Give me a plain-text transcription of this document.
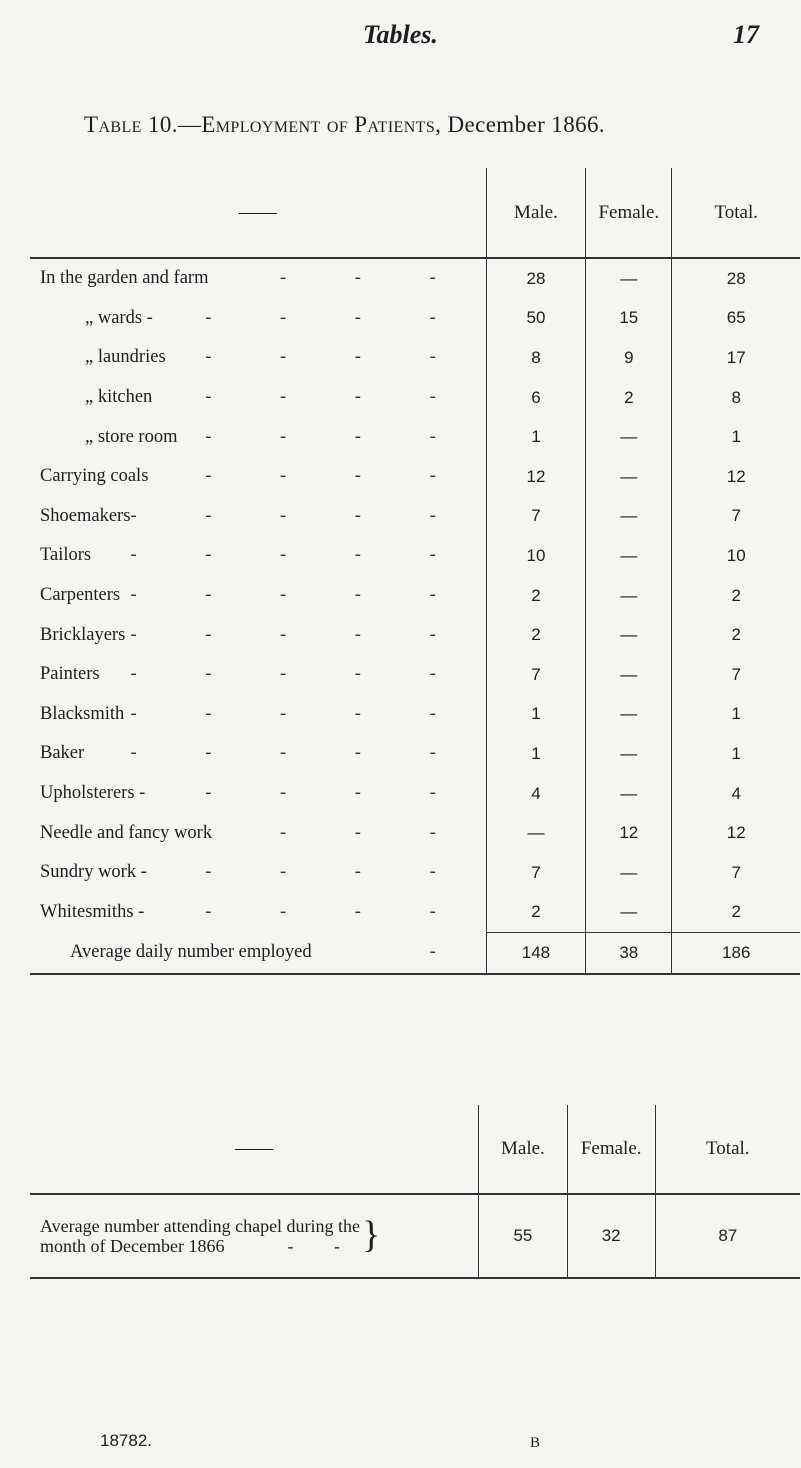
Tables.	17
Table 10.—Employment of Patients, December 1866.
——	Male.	Female.	Total.

In the garden and farm - - -	28	—	28

„ wards - - - - -	50	15	65

„ laundries - - - -	8	9	17

„ kitchen - - - -	6	2	8

„ store room - - - -	1	—	1

Carrying coals - - - -	12	—	12

Shoemakers - - - - -	7	—	7

Tailors - - - - -	10	—	10

Carpenters - - - - -	2	—	2

Bricklayers - - - - -	2	—	2

Painters - - - - -	7	—	7

Blacksmith - - - - -	1	—	1

Baker - - - - -	1	—	1

Upholsterers - - - - -	4	—	4

Needle and fancy work - - -	—	12	12

Sundry work - - - - -	7	—	7

Whitesmiths - - - - -	2	—	2

Average daily number employed -	148	38	186
——	Male.	Female.	Total.

Average number attending chapel during the
month of December 1866 - - }	55	32	87
18782.	B
